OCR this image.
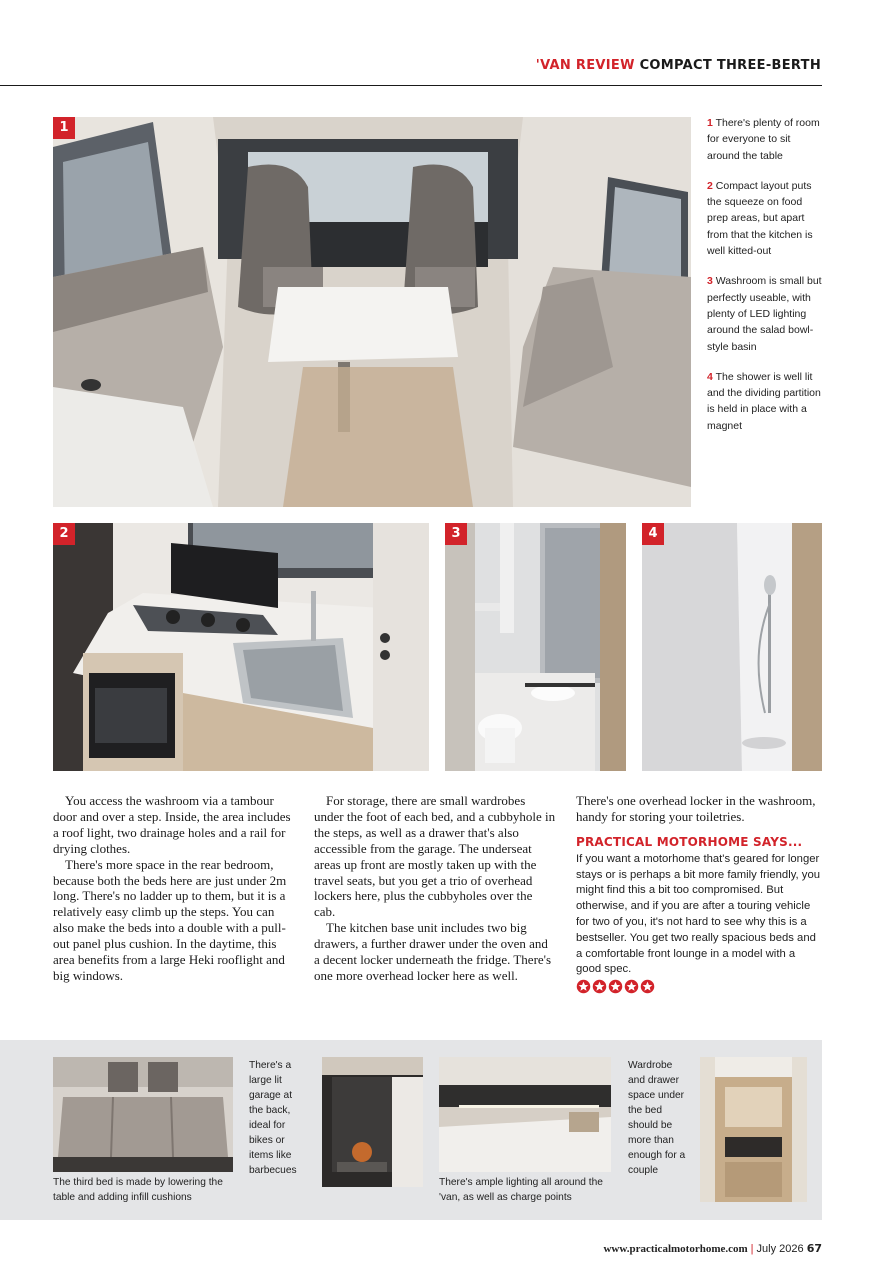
'VAN REVIEW COMPACT THREE-BERTH
1	1 There's plenty of room for everyone to sit around the table

2 Compact layout puts the squeeze on food prep areas, but apart from that the kitchen is well kitted-out

3 Washroom is small but perfectly useable, with plenty of LED lighting around the salad bowl-style basin

4 The shower is well lit and the dividing partition is held in place with a magnet

2	3	4

You access the washroom via a tambour door and over a step. Inside, the area includes a roof light, two drainage holes and a rail for drying clothes.

There's more space in the rear bedroom, because both the beds here are just under 2m long. There's no ladder up to them, but it is a relatively easy climb up the steps. You can also make the beds into a double with a pull-out panel plus cushion. In the daytime, this area benefits from a large Heki rooflight and big windows.

For storage, there are small wardrobes under the foot of each bed, and a cubbyhole in the steps, as well as a drawer that's also accessible from the garage. The underseat areas up front are mostly taken up with the travel seats, but you get a trio of overhead lockers here, plus the cubbyholes over the cab.

The kitchen base unit includes two big drawers, a further drawer under the oven and a decent locker underneath the fridge. There's one more overhead locker here as well.

There's one overhead locker in the washroom, handy for storing your toiletries.

PRACTICAL MOTORHOME SAYS...
If you want a motorhome that's geared for longer stays or is perhaps a bit more family friendly, you might find this a bit too compromised. But otherwise, and if you are after a touring vehicle for two of you, it's not hard to see why this is a bestseller. You get two really spacious beds and a comfortable front lounge in a model with a good spec.
The third bed is made by lowering the table and adding infill cushions
There's a large lit garage at the back, ideal for bikes or items like barbecues
There's ample lighting all around the 'van, as well as charge points
Wardrobe and drawer space under the bed should be more than enough for a couple
www.practicalmotorhome.com | July 2026 67
